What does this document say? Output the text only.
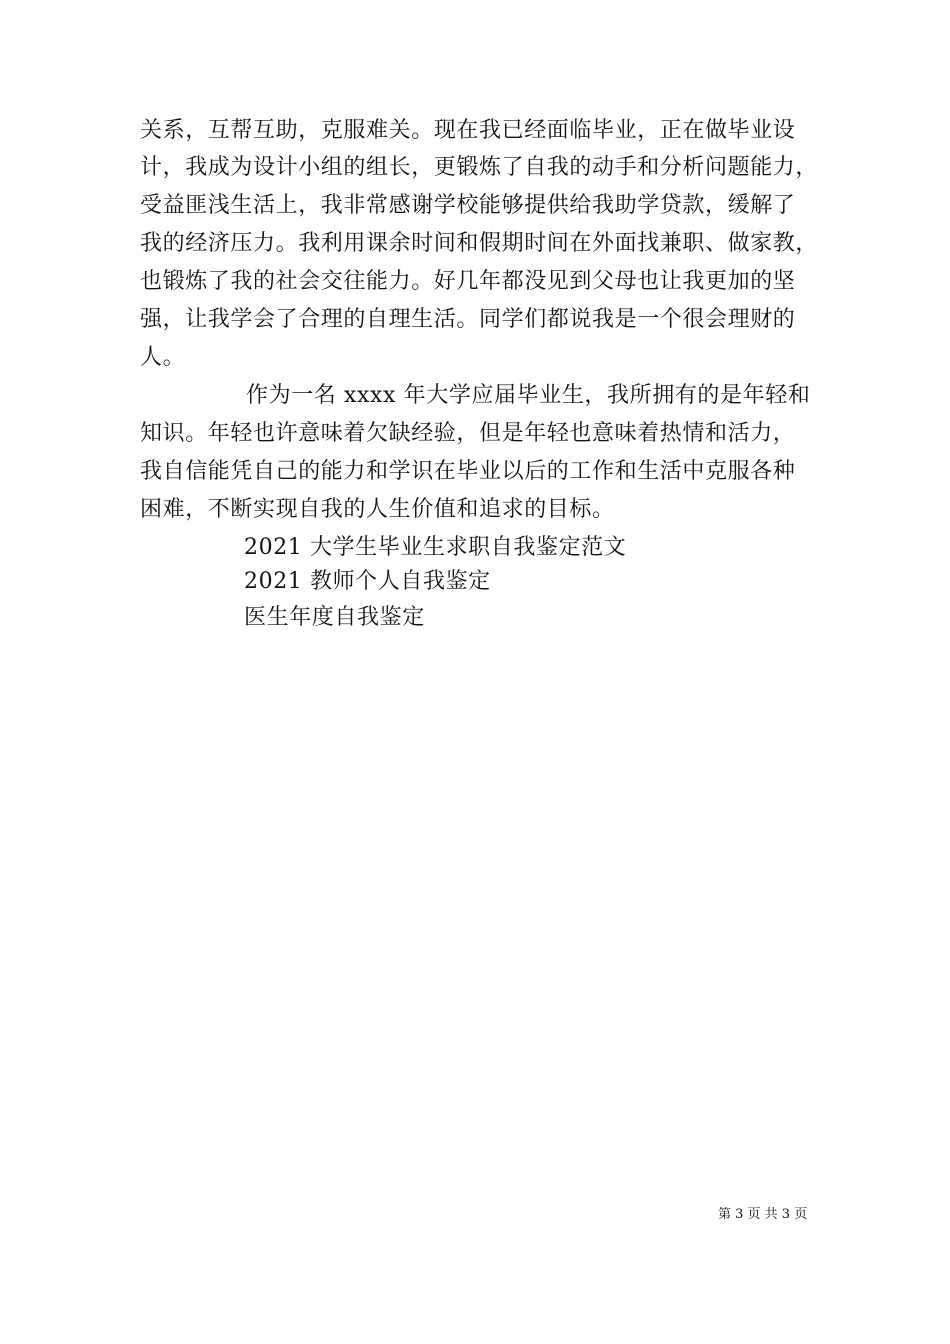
关系，互帮互助，克服难关。现在我已经面临毕业，正在做毕业设
计，我成为设计小组的组长，更锻炼了自我的动手和分析问题能力，
受益匪浅生活上，我非常感谢学校能够提供给我助学贷款，缓解了
我的经济压力。我利用课余时间和假期时间在外面找兼职、做家教，
也锻炼了我的社会交往能力。好几年都没见到父母也让我更加的坚
强，让我学会了合理的自理生活。同学们都说我是一个很会理财的
人。
作为一名 xxxx 年大学应届毕业生，我所拥有的是年轻和
知识。年轻也许意味着欠缺经验，但是年轻也意味着热情和活力，
我自信能凭自己的能力和学识在毕业以后的工作和生活中克服各种
困难，不断实现自我的人生价值和追求的目标。
2021 大学生毕业生求职自我鉴定范文
2021 教师个人自我鉴定
医生年度自我鉴定
第 3 页 共 3 页
